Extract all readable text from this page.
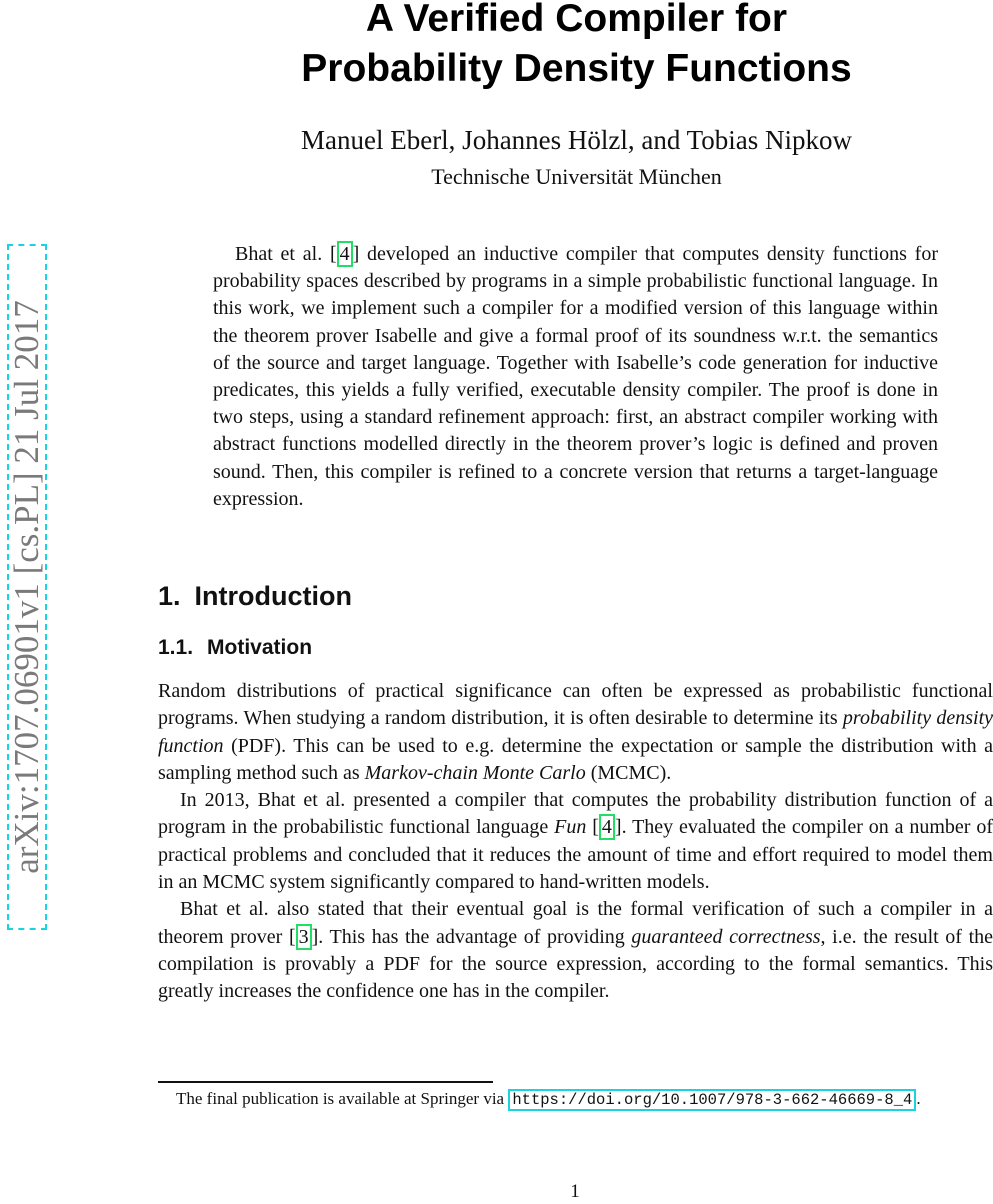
A Verified Compiler for
Probability Density Functions
Manuel Eberl, Johannes Hölzl, and Tobias Nipkow
Technische Universität München
arXiv:1707.06901v1 [cs.PL] 21 Jul 2017
Bhat et al. [ 4 ] developed an inductive compiler that computes density functions for probability spaces described by programs in a simple probabilistic functional language. In this work, we implement such a compiler for a modified version of this language within the theorem prover Isabelle and give a formal proof of its soundness w.r.t. the semantics of the source and target language. Together with Isabelle’s code generation for inductive predicates, this yields a fully verified, executable density compiler. The proof is done in two steps, using a standard refinement approach: first, an abstract compiler working with abstract functions modelled directly in the theorem prover’s logic is defined and proven sound. Then, this compiler is refined to a concrete version that returns a target-language expression.
1. Introduction
1.1. Motivation

Random distributions of practical significance can often be expressed as probabilistic functional programs. When studying a random distribution, it is often desirable to determine its probability density function (PDF). This can be used to e.g. determine the expectation or sample the distribution with a sampling method such as Markov-chain Monte Carlo (MCMC).

In 2013, Bhat et al. presented a compiler that computes the probability distribution function of a program in the probabilistic functional language Fun [ 4 ]. They evaluated the compiler on a number of practical problems and concluded that it reduces the amount of time and effort required to model them in an MCMC system significantly compared to hand-written models.

Bhat et al. also stated that their eventual goal is the formal verification of such a compiler in a theorem prover [ 3 ]. This has the advantage of providing guaranteed correctness, i.e. the result of the compilation is provably a PDF for the source expression, according to the formal semantics. This greatly increases the confidence one has in the compiler.

The final publication is available at Springer via https://doi.org/10.1007/978-3-662-46669-8_4 .
1
